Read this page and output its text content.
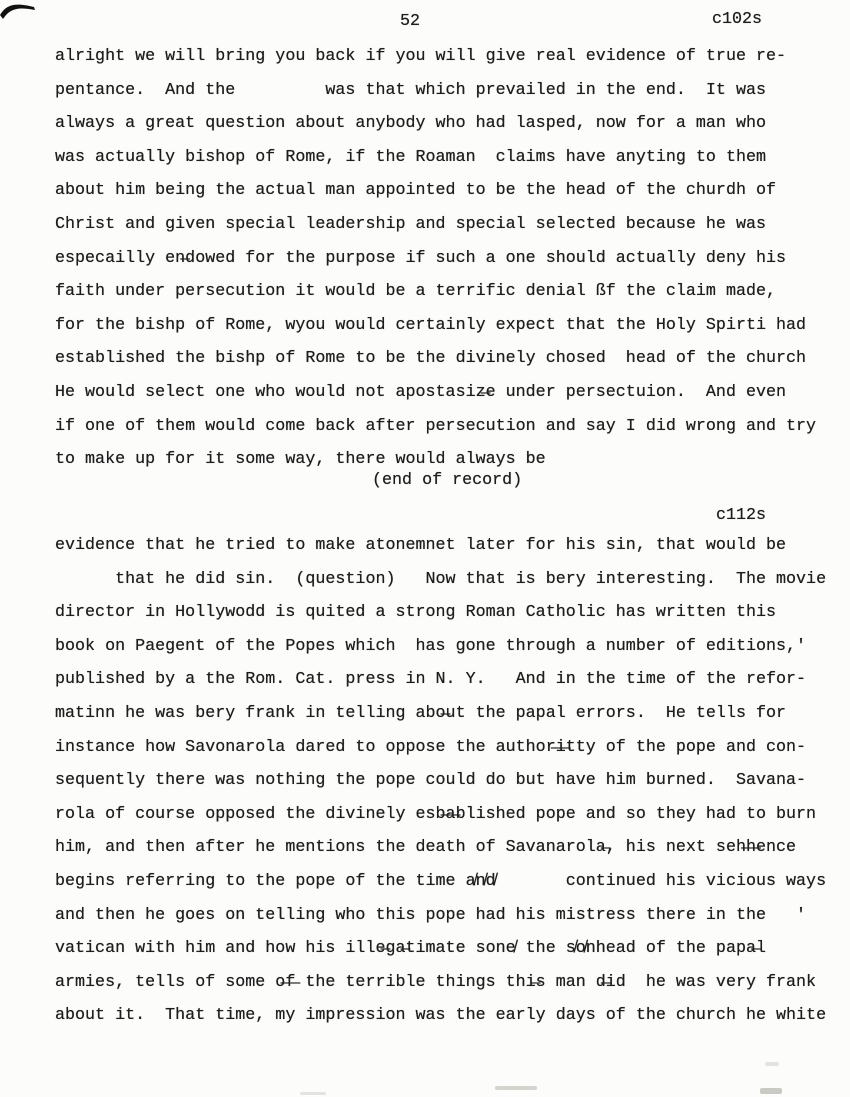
52	c102s
alright we will bring you back if you will give real evidence of true re-
pentance.  And the         was that which prevailed in the end.  It was
always a great question about anybody who had lasped, now for a man who
was actually bishop of Rome, if the Roaman  claims have anyting to them
about him being the actual man appointed to be the head of the churdh of
Christ and given special leadership and special selected because he was
especailly en̶dowed for the purpose if such a one should actually deny his
faith under persecution it would be a terrific denial ßf the claim made,
for the bishp of Rome, wyou would certainly expect that the Holy Spirti had
established the bishp of Rome to be the divinely chosed  head of the church
He would select one who would not apostasiz̶e under persectuion.  And even
if one of them would come back after persecution and say I did wrong and try
to make up for it some way, there would always be
(end of record)
c112s
evidence that he tried to make atonemnet later for his sin, that would be
that he did sin.  (question)   Now that is bery interesting.  The movie
director in Hollywodd is quited a strong Roman Catholic has written this
book on Paegent of the Popes which  has gone through a number of editions,'
published by a the Rom. Cat. press in N. Y.   And in the time of the refor-
matinn he was bery frank in telling abo̶ut the papal errors.  He tells for
instance how Savonarola dared to oppose the author̶i̶tty of the pope and con-
sequently there was nothing the pope could do but have him burned.  Savana-
rola of course opposed the divinely esb̶a̶blished pope and so they had to burn
him, and then after he mentions the death of Savanarola̶, his next seh̶h̶ence
begins referring to the pope of the time a̸n̸d̸       continued his vicious ways
and then he goes on telling who this pope had his mistress there in the   '
vatican with him and how his ille̶ga̶timate sone̸ the s̸o̸nhead of the papa̶l
armies, tells of some o̶f̶ the terrible things thi̶s man d̶id  he was very frank
about it.  That time, my impression was the early days of the church he white
